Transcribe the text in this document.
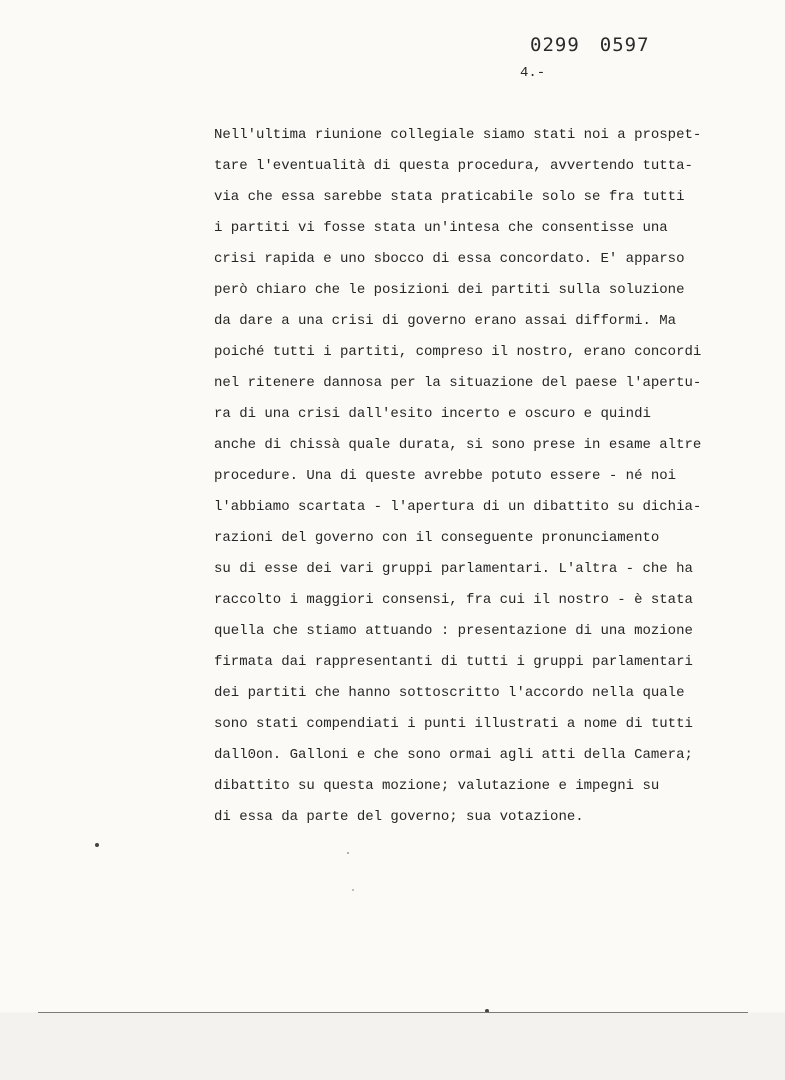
0299 0597
4.-
Nell'ultima riunione collegiale siamo stati noi a prospet-
tare l'eventualità di questa procedura, avvertendo tutta-
via che essa sarebbe stata praticabile solo se fra tutti
i partiti vi fosse stata un'intesa che consentisse una
crisi rapida e uno sbocco di essa concordato. E' apparso
però chiaro che le posizioni dei partiti sulla soluzione
da dare a una crisi di governo erano assai difformi. Ma
poiché tutti i partiti, compreso il nostro, erano concordi
nel ritenere dannosa per la situazione del paese l'apertu-
ra di una crisi dall'esito incerto e oscuro e quindi
anche di chissà quale durata, si sono prese in esame altre
procedure. Una di queste avrebbe potuto essere - né noi
l'abbiamo scartata - l'apertura di un dibattito su dichia-
razioni del governo con il conseguente pronunciamento
su di esse dei vari gruppi parlamentari. L'altra - che ha
raccolto i maggiori consensi, fra cui il nostro - è stata
quella che stiamo attuando : presentazione di una mozione
firmata dai rappresentanti di tutti i gruppi parlamentari
dei partiti che hanno sottoscritto l'accordo nella quale
sono stati compendiati i punti illustrati a nome di tutti
dall0on. Galloni e che sono ormai agli atti della Camera;
dibattito su questa mozione; valutazione e impegni su
di essa da parte del governo; sua votazione.
